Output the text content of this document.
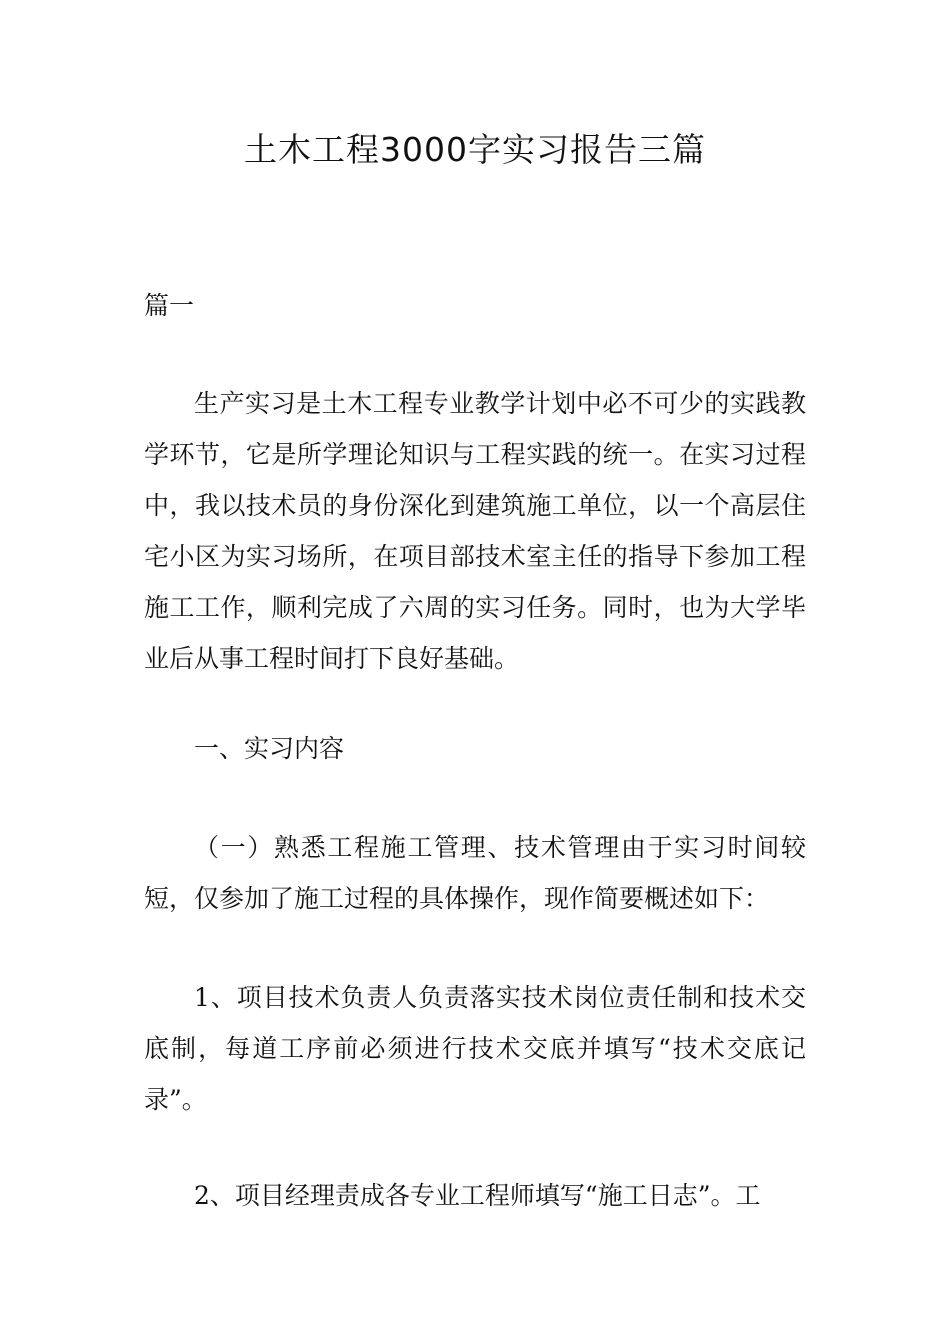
土木工程3000字实习报告三篇

篇一

生产实习是土木工程专业教学计划中必不可少的实践教学环节，它是所学理论知识与工程实践的统一。在实习过程中，我以技术员的身份深化到建筑施工单位，以一个高层住宅小区为实习场所，在项目部技术室主任的指导下参加工程施工工作，顺利完成了六周的实习任务。同时，也为大学毕业后从事工程时间打下良好基础。

一、实习内容

（一）熟悉工程施工管理、技术管理由于实习时间较短，仅参加了施工过程的具体操作，现作简要概述如下：

1、项目技术负责人负责落实技术岗位责任制和技术交底制，每道工序前必须进行技术交底并填写“技术交底记录”。

2、项目经理责成各专业工程师填写“施工日志”。工
